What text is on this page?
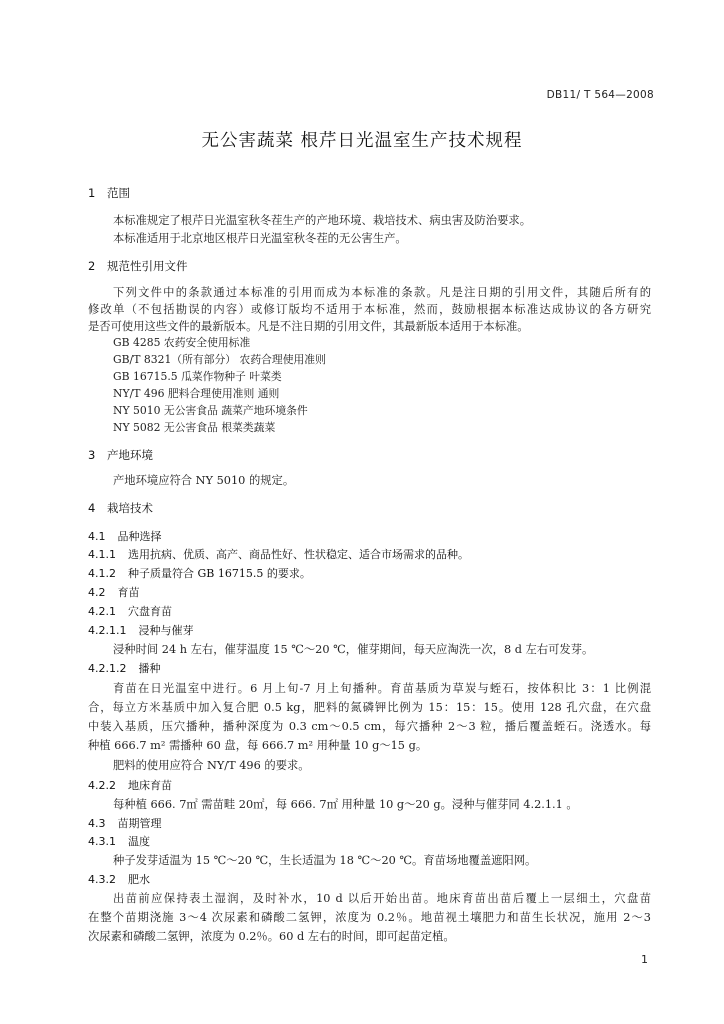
DB11/ T 564—2008
无公害蔬菜 根芹日光温室生产技术规程
1 范围
本标准规定了根芹日光温室秋冬茬生产的产地环境、栽培技术、病虫害及防治要求。
本标准适用于北京地区根芹日光温室秋冬茬的无公害生产。
2 规范性引用文件
下列文件中的条款通过本标准的引用而成为本标准的条款。凡是注日期的引用文件，其随后所有的
修改单（不包括勘误的内容）或修订版均不适用于本标准，然而，鼓励根据本标准达成协议的各方研究
是否可使用这些文件的最新版本。凡是不注日期的引用文件，其最新版本适用于本标准。
GB 4285 农药安全使用标准
GB/T 8321（所有部分） 农药合理使用准则
GB 16715.5 瓜菜作物种子 叶菜类
NY/T 496 肥料合理使用准则 通则
NY 5010 无公害食品 蔬菜产地环境条件
NY 5082 无公害食品 根菜类蔬菜
3 产地环境
产地环境应符合 NY 5010 的规定。
4 栽培技术
4.1 品种选择
4.1.1 选用抗病、优质、高产、商品性好、性状稳定、适合市场需求的品种。
4.1.2 种子质量符合 GB 16715.5 的要求。
4.2 育苗
4.2.1 穴盘育苗
4.2.1.1 浸种与催芽
浸种时间 24 h 左右，催芽温度 15 ℃～20 ℃，催芽期间，每天应淘洗一次，8 d 左右可发芽。
4.2.1.2 播种
育苗在日光温室中进行。6 月上旬-7 月上旬播种。育苗基质为草炭与蛭石，按体积比 3：1 比例混
合，每立方米基质中加入复合肥 0.5 kg，肥料的氮磷钾比例为 15：15：15。使用 128 孔穴盘，在穴盘
中装入基质，压穴播种，播种深度为 0.3 cm～0.5 cm，每穴播种 2～3 粒，播后覆盖蛭石。浇透水。每
种植 666.7 m² 需播种 60 盘，每 666.7 m² 用种量 10 g～15 g。
肥料的使用应符合 NY/T 496 的要求。
4.2.2 地床育苗
每种植 666. 7㎡ 需苗畦 20㎡，每 666. 7㎡ 用种量 10 g～20 g。浸种与催芽同 4.2.1.1 。
4.3 苗期管理
4.3.1 温度
种子发芽适温为 15 ℃～20 ℃，生长适温为 18 ℃～20 ℃。育苗场地覆盖遮阳网。
4.3.2 肥水
出苗前应保持表土湿润，及时补水，10 d 以后开始出苗。地床育苗出苗后覆上一层细土，穴盘苗
在整个苗期浇施 3～4 次尿素和磷酸二氢钾，浓度为 0.2％。地苗视土壤肥力和苗生长状况，施用 2～3
次尿素和磷酸二氢钾，浓度为 0.2％。60 d 左右的时间，即可起苗定植。
1
